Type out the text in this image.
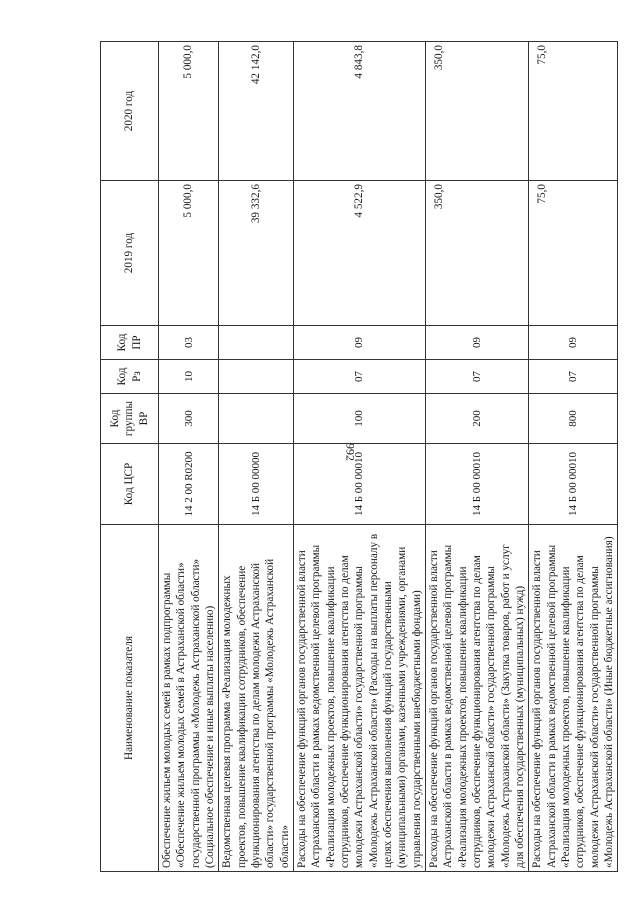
992
Наименование показателя	Код ЦСР	Код группы ВР	Код Рз	Код ПР	2019 год	2020 год
Обеспечение жильем молодых семей в рамках подпрограммы «Обеспечение жильем молодых семей в Астраханской области» государственной программы «Молодежь Астраханской области» (Социальное обеспечение и иные выплаты населению)	14 2 00 R0200	300	10	03	5 000,0	5 000,0
Ведомственная целевая программа «Реализация молодежных проектов, повышение квалификации сотрудников, обеспечение функционирования агентства по делам молодежи Астраханской области» государственной программы «Молодежь Астраханской области»	14 Б 00 00000				39 332,6	42 142,0
Расходы на обеспечение функций органов государственной власти Астраханской области в рамках ведомственной целевой программы «Реализация молодежных проектов, повышение квалификации сотрудников, обеспечение функционирования агентства по делам молодежи Астраханской области» государственной программы «Молодежь Астраханской области» (Расходы на выплаты персоналу в целях обеспечения выполнения функций государственными (муниципальными) органами, казенными учреждениями, органами управления государственными внебюджетными фондами)	14 Б 00 00010	100	07	09	4 522,9	4 843,8
Расходы на обеспечение функций органов государственной власти Астраханской области в рамках ведомственной целевой программы «Реализация молодежных проектов, повышение квалификации сотрудников, обеспечение функционирования агентства по делам молодежи Астраханской области» государственной программы «Молодежь Астраханской области» (Закупка товаров, работ и услуг для обеспечения государственных (муниципальных) нужд)	14 Б 00 00010	200	07	09	350,0	350,0
Расходы на обеспечение функций органов государственной власти Астраханской области в рамках ведомственной целевой программы «Реализация молодежных проектов, повышение квалификации сотрудников, обеспечение функционирования агентства по делам молодежи Астраханской области» государственной программы «Молодежь Астраханской области» (Иные бюджетные ассигнования)	14 Б 00 00010	800	07	09	75,0	75,0
